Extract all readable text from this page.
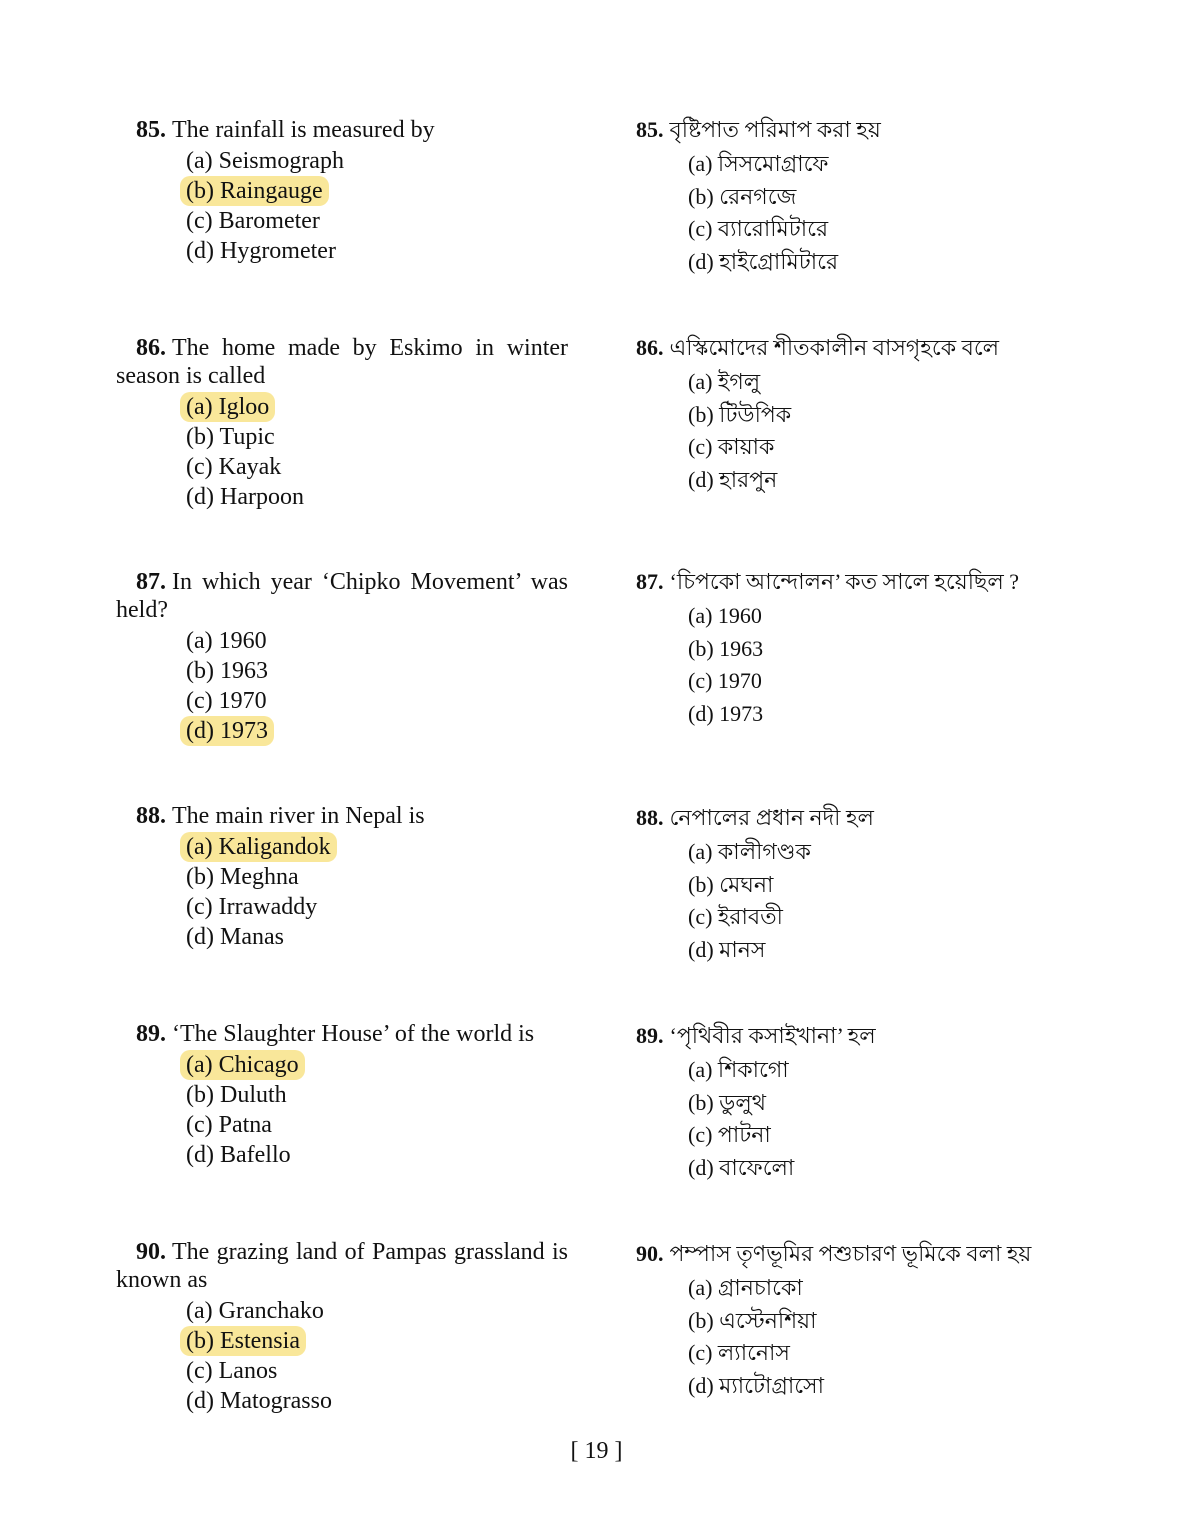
85. The rainfall is measured by
(a) Seismograph
(b) Raingauge
(c) Barometer
(d) Hygrometer
86. The home made by Eskimo in winter season is called
(a) Igloo
(b) Tupic
(c) Kayak
(d) Harpoon
87. In which year ‘Chipko Movement’ was held?
(a) 1960
(b) 1963
(c) 1970
(d) 1973
88. The main river in Nepal is
(a) Kaligandok
(b) Meghna
(c) Irrawaddy
(d) Manas
89. ‘The Slaughter House’ of the world is
(a) Chicago
(b) Duluth
(c) Patna
(d) Bafello
90. The grazing land of Pampas grassland is known as
(a) Granchako
(b) Estensia
(c) Lanos
(d) Matograsso
85. বৃষ্টিপাত পরিমাপ করা হয়
(a) সিসমোগ্রাফে
(b) রেনগজে
(c) ব্যারোমিটারে
(d) হাইগ্রোমিটারে
86. এস্কিমোদের শীতকালীন বাসগৃহকে বলে
(a) ইগলু
(b) টিউপিক
(c) কায়াক
(d) হারপুন
87. ‘চিপকো আন্দোলন’ কত সালে হয়েছিল ?
(a) 1960
(b) 1963
(c) 1970
(d) 1973
88. নেপালের প্রধান নদী হল
(a) কালীগণ্ডক
(b) মেঘনা
(c) ইরাবতী
(d) মানস
89. ‘পৃথিবীর কসাইখানা’ হল
(a) শিকাগো
(b) ডুলুথ
(c) পাটনা
(d) বাফেলো
90. পম্পাস তৃণভূমির পশুচারণ ভূমিকে বলা হয়
(a) গ্রানচাকো
(b) এস্টেনশিয়া
(c) ল্যানোস
(d) ম্যাটোগ্রাসো
[ 19 ]
